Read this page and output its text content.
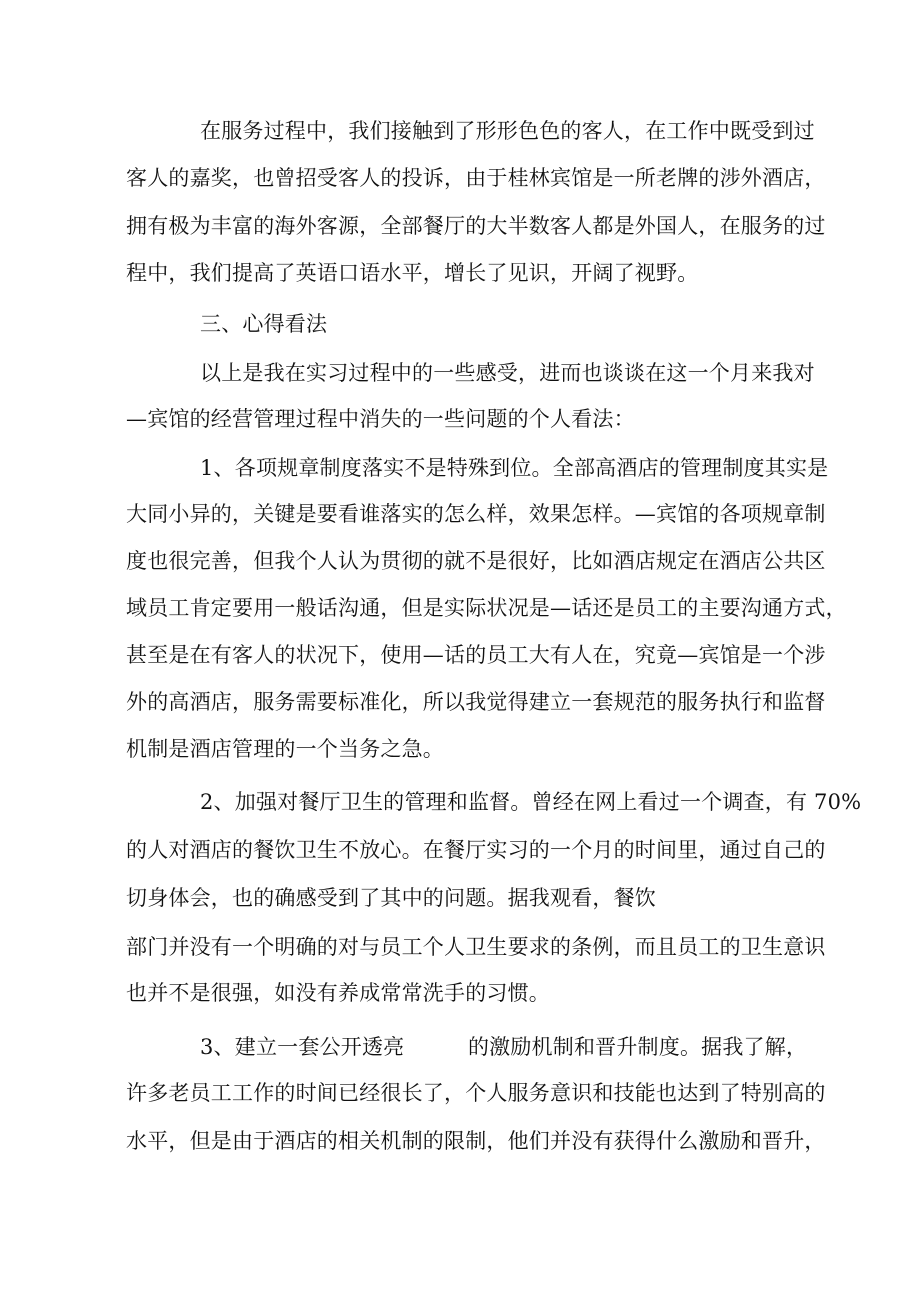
在服务过程中，我们接触到了形形色色的客人，在工作中既受到过
客人的嘉奖，也曾招受客人的投诉，由于桂林宾馆是一所老牌的涉外酒店，
拥有极为丰富的海外客源，全部餐厅的大半数客人都是外国人，在服务的过
程中，我们提高了英语口语水平，增长了见识，开阔了视野。
三、心得看法
以上是我在实习过程中的一些感受，进而也谈谈在这一个月来我对
—宾馆的经营管理过程中消失的一些问题的个人看法：
1、各项规章制度落实不是特殊到位。全部高酒店的管理制度其实是
大同小异的，关键是要看谁落实的怎么样，效果怎样。—宾馆的各项规章制
度也很完善，但我个人认为贯彻的就不是很好，比如酒店规定在酒店公共区
域员工肯定要用一般话沟通，但是实际状况是—话还是员工的主要沟通方式，
甚至是在有客人的状况下，使用—话的员工大有人在，究竟—宾馆是一个涉
外的高酒店，服务需要标准化，所以我觉得建立一套规范的服务执行和监督
机制是酒店管理的一个当务之急。
2、加强对餐厅卫生的管理和监督。曾经在网上看过一个调查，有 70%
的人对酒店的餐饮卫生不放心。在餐厅实习的一个月的时间里，通过自己的
切身体会，也的确感受到了其中的问题。据我观看，餐饮
部门并没有一个明确的对与员工个人卫生要求的条例，而且员工的卫生意识
也并不是很强，如没有养成常常洗手的习惯。
3、建立一套公开透亮　　　的激励机制和晋升制度。据我了解，
许多老员工工作的时间已经很长了，个人服务意识和技能也达到了特别高的
水平，但是由于酒店的相关机制的限制，他们并没有获得什么激励和晋升，
